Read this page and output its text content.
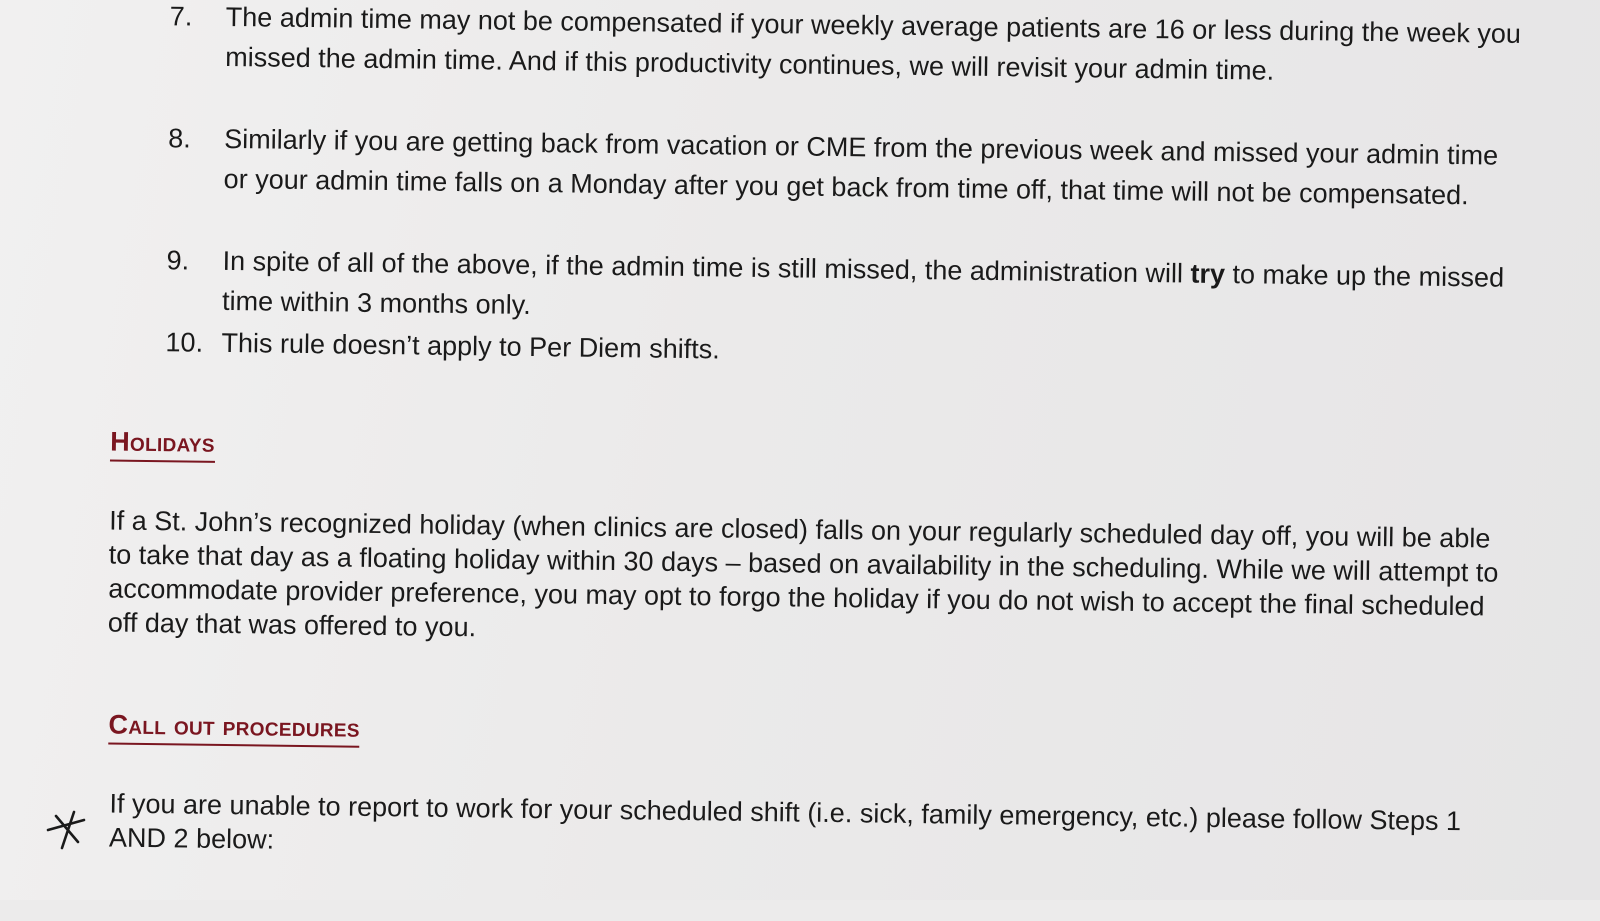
7. The admin time may not be compensated if your weekly average patients are 16 or less during the week you missed the admin time. And if this productivity continues, we will revisit your admin time.
8. Similarly if you are getting back from vacation or CME from the previous week and missed your admin time or your admin time falls on a Monday after you get back from time off, that time will not be compensated.
9. In spite of all of the above, if the admin time is still missed, the administration will try to make up the missed time within 3 months only.
10. This rule doesn’t apply to Per Diem shifts.
Holidays
If a St. John’s recognized holiday (when clinics are closed) falls on your regularly scheduled day off, you will be able to take that day as a floating holiday within 30 days – based on availability in the scheduling. While we will attempt to accommodate provider preference, you may opt to forgo the holiday if you do not wish to accept the final scheduled off day that was offered to you.
Call out procedures
If you are unable to report to work for your scheduled shift (i.e. sick, family emergency, etc.) please follow Steps 1 AND 2 below:
